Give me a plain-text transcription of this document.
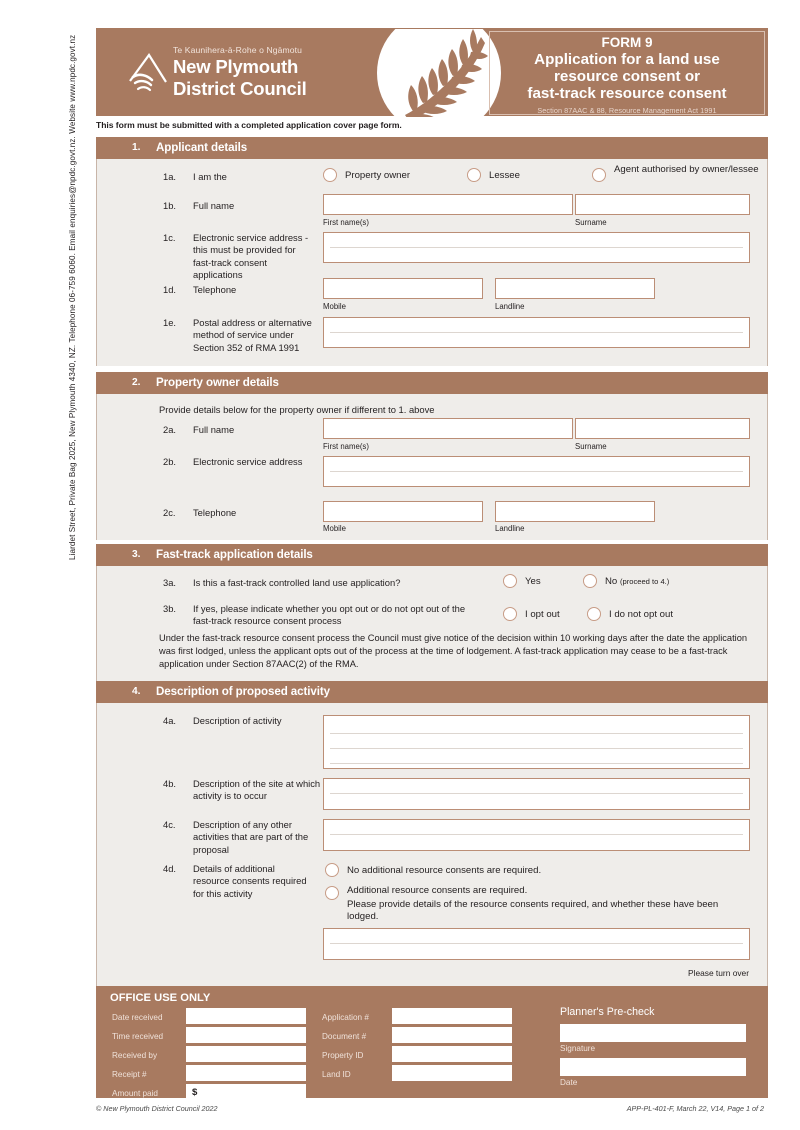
Liardet Street, Private Bag 2025, New Plymouth 4340, NZ. Telephone 06-759 6060. Email enquiries@npdc.govt.nz. Website www.npdc.govt.nz	Te Kaunihera-ā-Rohe o Ngāmotu
New Plymouth
District Council
FORM 9
Application for a land use
resource consent or
fast-track resource consent
Section 87AAC & 88, Resource Management Act 1991
This form must be submitted with a completed application cover page form.
1. Applicant details
1a. I am the	Property owner	Lessee
Agent authorised by owner/lessee
1b. Full name
First name(s)	Surname
1c. Electronic service address - this must be provided for fast-track consent applications
1d. Telephone
Mobile	Landline
1e. Postal address or alternative method of service under Section 352 of RMA 1991
2. Property owner details
Provide details below for the property owner if different to 1. above
2a. Full name
First name(s)	Surname
2b. Electronic service address
2c. Telephone
Mobile	Landline
3. Fast-track application details
3a. Is this a fast-track controlled land use application?	Yes	No (proceed to 4.)
3b. If yes, please indicate whether you opt out or do not opt out of the fast-track resource consent process
I opt out	I do not opt out
Under the fast-track resource consent process the Council must give notice of the decision within 10 working days after the date the application was first lodged, unless the applicant opts out of the process at the time of lodgement. A fast-track application may cease to be a fast-track application under Section 87AAC(2) of the RMA.
4. Description of proposed activity
4a. Description of activity
4b. Description of the site at which activity is to occur
4c. Description of any other activities that are part of the proposal
4d. Details of additional resource consents required for this activity
No additional resource consents are required.
Additional resource consents are required.
Please provide details of the resource consents required, and whether these have been lodged.
Please turn over
OFFICE USE ONLY
Date received
Time received
Received by
Receipt #
Amount paid	$
Application #
Document #
Property ID
Land ID
Planner's Pre-check
Signature
Date
© New Plymouth District Council 2022	APP-PL-401-F, March 22, V14, Page 1 of 2
